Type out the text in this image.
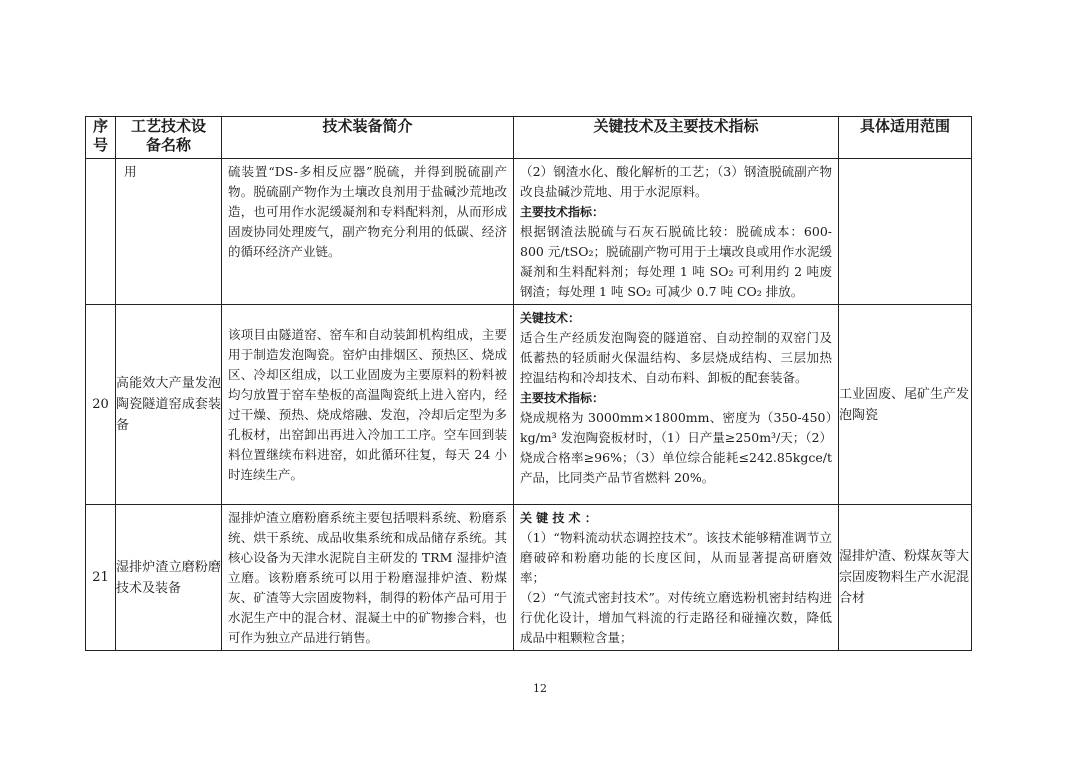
序号	工艺技术设备名称	技术装备简介	关键技术及主要技术指标	具体适用范围

	用	硫装置“DS-多相反应器”脱硫，并得到脱硫副产物。脱硫副产物作为土壤改良剂用于盐碱沙荒地改造，也可用作水泥缓凝剂和专料配料剂，从而形成固废协同处理废气，副产物充分利用的低碳、经济的循环经济产业链。	（2）钢渣水化、酸化解析的工艺；（3）钢渣脱硫副产物改良盐碱沙荒地、用于水泥原料。
主要技术指标：
根据钢渣法脱硫与石灰石脱硫比较：脱硫成本：600-800 元/tSO₂；脱硫副产物可用于土壤改良或用作水泥缓凝剂和生料配料剂；每处理 1 吨 SO₂ 可利用约 2 吨废钢渣；每处理 1 吨 SO₂ 可减少 0.7 吨 CO₂ 排放。	

20	高能效大产量发泡陶瓷隧道窑成套装备	该项目由隧道窑、窑车和自动装卸机构组成，主要用于制造发泡陶瓷。窑炉由排烟区、预热区、烧成区、冷却区组成，以工业固废为主要原料的粉料被均匀放置于窑车垫板的高温陶瓷纸上进入窑内，经过干燥、预热、烧成熔融、发泡，冷却后定型为多孔板材，出窑卸出再进入冷加工工序。空车回到装料位置继续布料进窑，如此循环往复，每天 24 小时连续生产。	关键技术：
适合生产经质发泡陶瓷的隧道窑、自动控制的双窑门及低蓄热的轻质耐火保温结构、多层烧成结构、三层加热控温结构和冷却技术、自动布料、卸板的配套装备。
主要技术指标：
烧成规格为 3000mm×1800mm、密度为（350-450）kg/m³ 发泡陶瓷板材时，（1）日产量≥250m³/天；（2）烧成合格率≥96%；（3）单位综合能耗≤242.85kgce/t 产品，比同类产品节省燃料 20%。	工业固废、尾矿生产发泡陶瓷
21	湿排炉渣立磨粉磨技术及装备	湿排炉渣立磨粉磨系统主要包括喂料系统、粉磨系统、烘干系统、成品收集系统和成品储存系统。其核心设备为天津水泥院自主研发的 TRM 湿排炉渣立磨。该粉磨系统可以用于粉磨湿排炉渣、粉煤灰、矿渣等大宗固废物料，制得的粉体产品可用于水泥生产中的混合材、混凝土中的矿物掺合料，也可作为独立产品进行销售。	关 键 技 术 ：
（1）“物料流动状态调控技术”。该技术能够精准调节立磨破碎和粉磨功能的长度区间，从而显著提高研磨效率；
（2）“气流式密封技术”。对传统立磨选粉机密封结构进行优化设计，增加气料流的行走路径和碰撞次数，降低成品中粗颗粒含量；	湿排炉渣、粉煤灰等大宗固废物料生产水泥混合材
12
